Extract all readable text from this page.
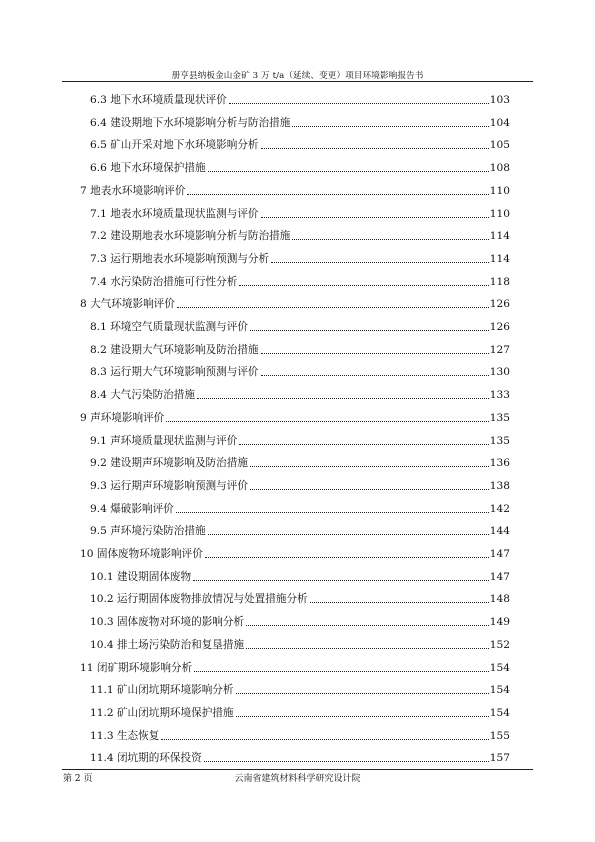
册亨县纳板金山金矿 3 万 t/a（延续、变更）项目环境影响报告书
6.3 地下水环境质量现状评价	103
6.4 建设期地下水环境影响分析与防治措施	104
6.5 矿山开采对地下水环境影响分析	105
6.6 地下水环境保护措施	108
7 地表水环境影响评价	110
7.1 地表水环境质量现状监测与评价	110
7.2 建设期地表水环境影响分析与防治措施	114
7.3 运行期地表水环境影响预测与分析	114
7.4 水污染防治措施可行性分析	118
8 大气环境影响评价	126
8.1 环境空气质量现状监测与评价	126
8.2 建设期大气环境影响及防治措施	127
8.3 运行期大气环境影响预测与评价	130
8.4 大气污染防治措施	133
9 声环境影响评价	135
9.1 声环境质量现状监测与评价	135
9.2 建设期声环境影响及防治措施	136
9.3 运行期声环境影响预测与评价	138
9.4 爆破影响评价	142
9.5 声环境污染防治措施	144
10 固体废物环境影响评价	147
10.1 建设期固体废物	147
10.2 运行期固体废物排放情况与处置措施分析	148
10.3 固体废物对环境的影响分析	149
10.4 排土场污染防治和复垦措施	152
11 闭矿期环境影响分析	154
11.1 矿山闭坑期环境影响分析	154
11.2 矿山闭坑期环境保护措施	154
11.3 生态恢复	155
11.4 闭坑期的环保投资	157
第 2 页	云南省建筑材料科学研究设计院
